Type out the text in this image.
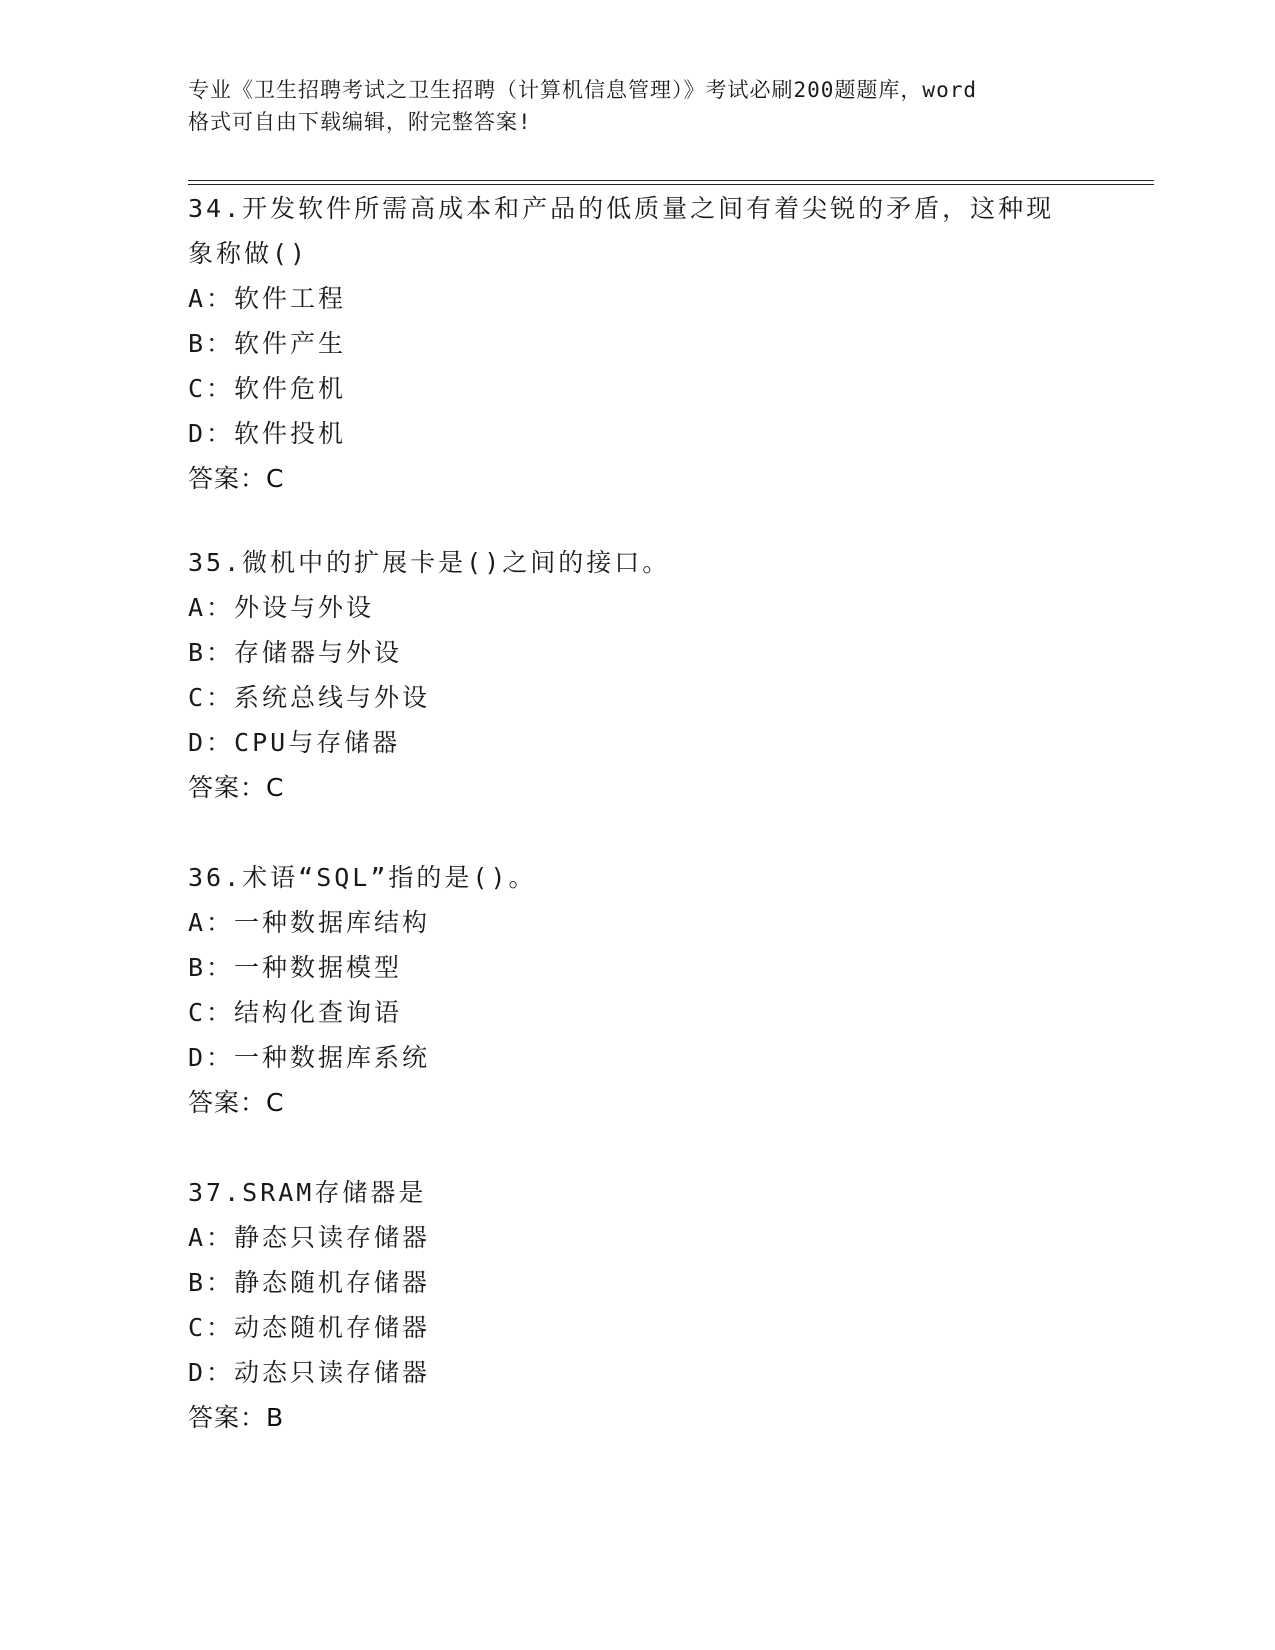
专业《卫生招聘考试之卫生招聘（计算机信息管理）》考试必刷200题题库，word
格式可自由下载编辑，附完整答案!
34.开发软件所需高成本和产品的低质量之间有着尖锐的矛盾，这种现
象称做()
A：软件工程
B：软件产生
C：软件危机
D：软件投机
答案：C
35.微机中的扩展卡是()之间的接口。
A：外设与外设
B：存储器与外设
C：系统总线与外设
D：CPU与存储器
答案：C
36.术语“SQL”指的是()。
A：一种数据库结构
B：一种数据模型
C：结构化查询语
D：一种数据库系统
答案：C
37.SRAM存储器是
A：静态只读存储器
B：静态随机存储器
C：动态随机存储器
D：动态只读存储器
答案：B
